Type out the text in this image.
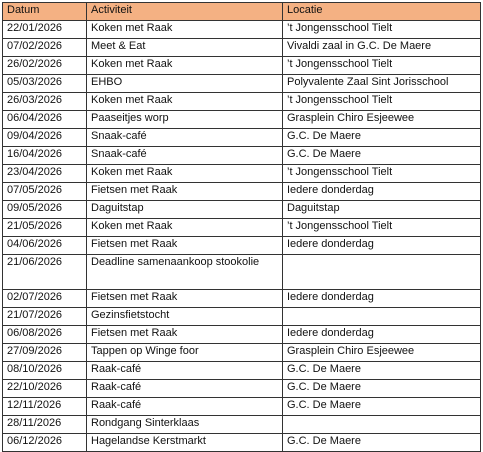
Datum	Activiteit	Locatie
22/01/2026	Koken met Raak	’t Jongensschool Tielt
07/02/2026	Meet & Eat	Vivaldi zaal in G.C. De Maere
26/02/2026	Koken met Raak	’t Jongensschool Tielt
05/03/2026	EHBO	Polyvalente Zaal Sint Jorisschool
26/03/2026	Koken met Raak	’t Jongensschool Tielt
06/04/2026	Paaseitjes worp	Grasplein Chiro Esjeewee
09/04/2026	Snaak-café	G.C. De Maere
16/04/2026	Snaak-café	G.C. De Maere
23/04/2026	Koken met Raak	’t Jongensschool Tielt
07/05/2026	Fietsen met Raak	Iedere donderdag
09/05/2026	Daguitstap	Daguitstap
21/05/2026	Koken met Raak	’t Jongensschool Tielt
04/06/2026	Fietsen met Raak	Iedere donderdag
21/06/2026	Deadline samenaankoop stookolie	
02/07/2026	Fietsen met Raak	Iedere donderdag
21/07/2026	Gezinsfietstocht	
06/08/2026	Fietsen met Raak	Iedere donderdag
27/09/2026	Tappen op Winge foor	Grasplein Chiro Esjeewee
08/10/2026	Raak-café	G.C. De Maere
22/10/2026	Raak-café	G.C. De Maere
12/11/2026	Raak-café	G.C. De Maere
28/11/2026	Rondgang Sinterklaas	
06/12/2026	Hagelandse Kerstmarkt	G.C. De Maere
